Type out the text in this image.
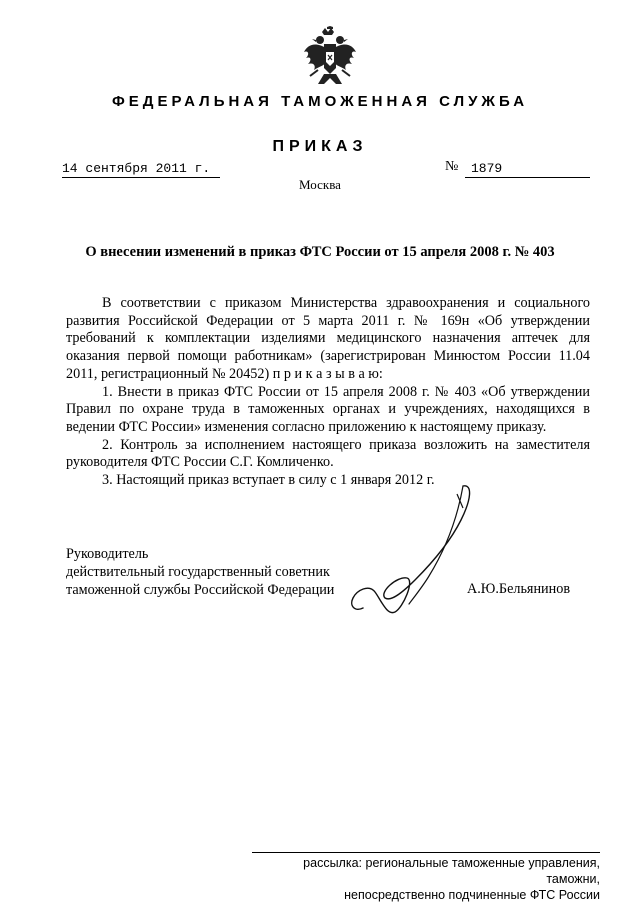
ФЕДЕРАЛЬНАЯ ТАМОЖЕННАЯ СЛУЖБА
ПРИКАЗ
14 сентября 2011 г.	№ 1879
Москва
О внесении изменений в приказ ФТС России от 15 апреля 2008 г. № 403

В соответствии с приказом Министерства здравоохранения и социального развития Российской Федерации от 5 марта 2011 г. № 169н «Об утверждении требований к комплектации изделиями медицинского назначения аптечек для оказания первой помощи работникам» (зарегистрирован Минюстом России 11.04 2011, регистрационный № 20452) п р и к а з ы в а ю:

1. Внести в приказ ФТС России от 15 апреля 2008 г. № 403 «Об утверждении Правил по охране труда в таможенных органах и учреждениях, находящихся в ведении ФТС России» изменения согласно приложению к настоящему приказу.

2. Контроль за исполнением настоящего приказа возложить на заместителя руководителя ФТС России С.Г. Комличенко.

3. Настоящий приказ вступает в силу с 1 января 2012 г.

Руководитель
действительный государственный советник
таможенной службы Российской Федерации	А.Ю.Бельянинов
рассылка: региональные таможенные управления, таможни,
непосредственно подчиненные ФТС России
